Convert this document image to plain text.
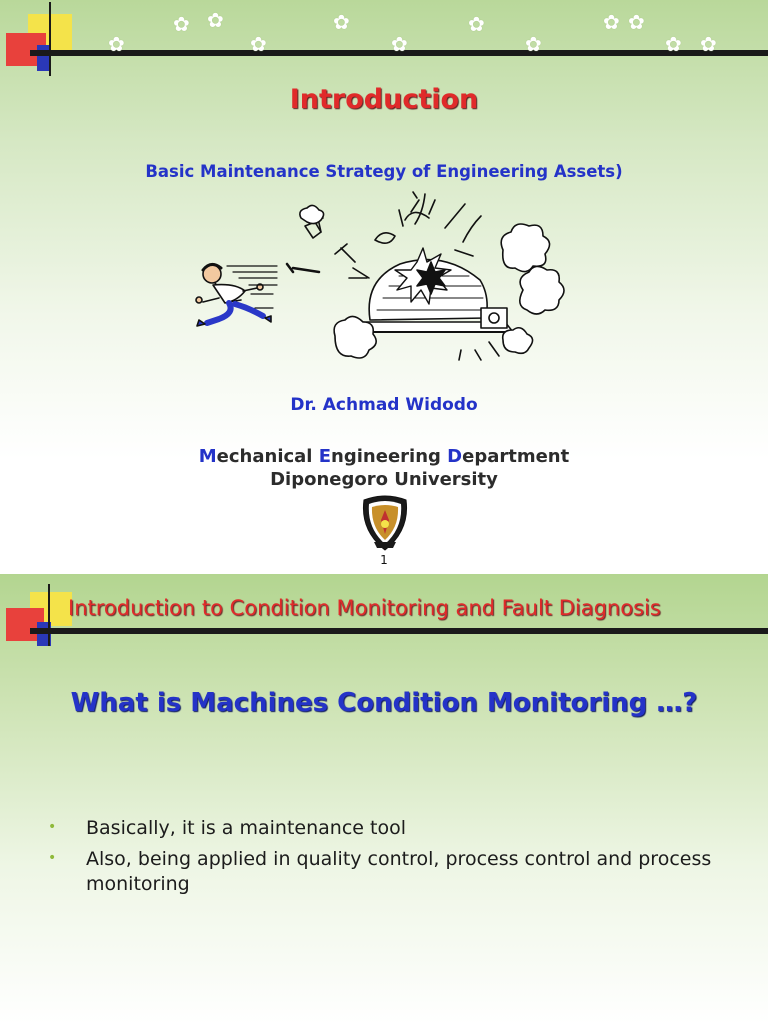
✿
✿ ✿
✿
✿
✿
✿
✿
✿ ✿
✿ ✿
Introduction
Basic Maintenance Strategy of Engineering Assets)
Dr. Achmad Widodo
Mechanical Engineering Department
Diponegoro University
1
Introduction to Condition Monitoring and Fault Diagnosis
What is Machines Condition Monitoring …?
• Basically, it is a maintenance tool
• Also, being applied in quality control, process control and process monitoring
